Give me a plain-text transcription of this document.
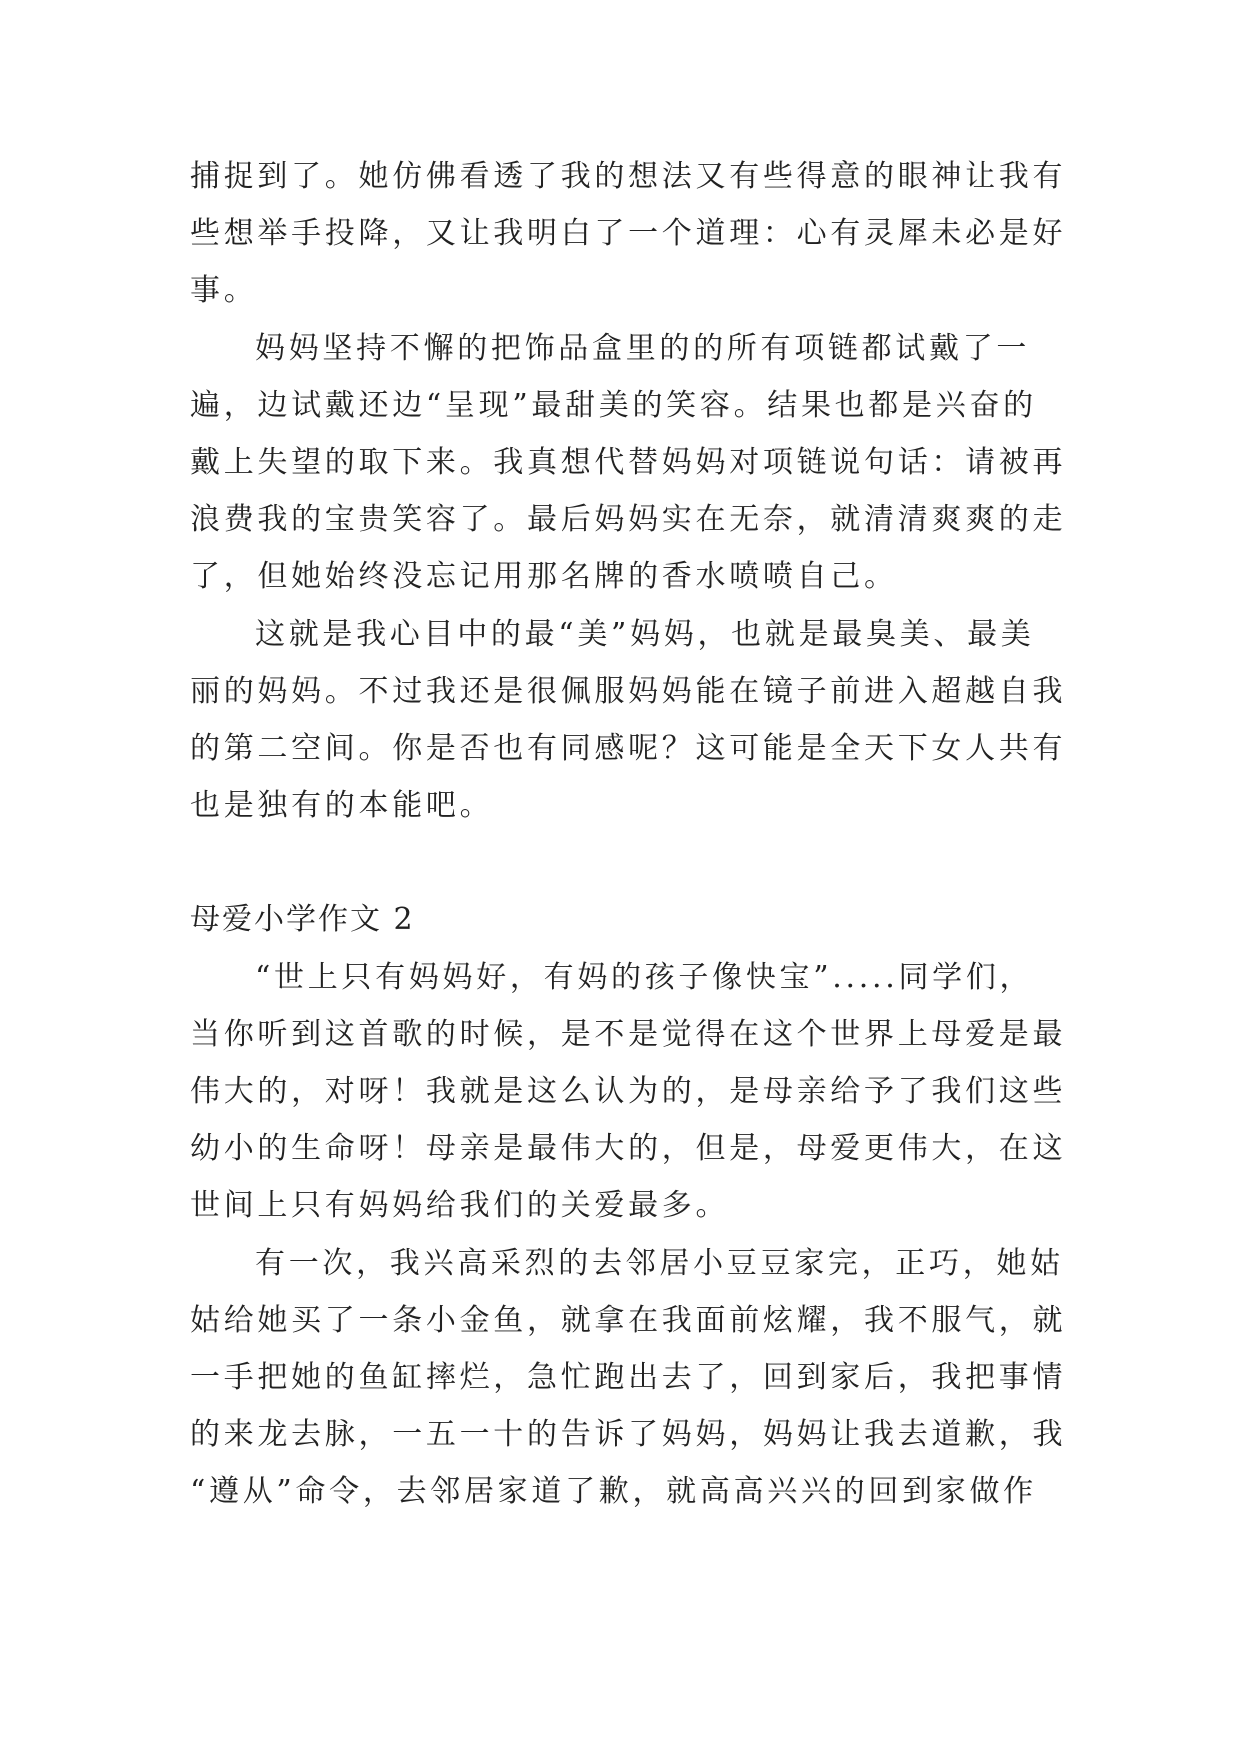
捕捉到了。她仿佛看透了我的想法又有些得意的眼神让我有
些想举手投降，又让我明白了一个道理：心有灵犀未必是好
事。
妈妈坚持不懈的把饰品盒里的的所有项链都试戴了一
遍，边试戴还边“呈现”最甜美的笑容。结果也都是兴奋的
戴上失望的取下来。我真想代替妈妈对项链说句话：请被再
浪费我的宝贵笑容了。最后妈妈实在无奈，就清清爽爽的走
了，但她始终没忘记用那名牌的香水喷喷自己。
这就是我心目中的最“美”妈妈，也就是最臭美、最美
丽的妈妈。不过我还是很佩服妈妈能在镜子前进入超越自我
的第二空间。你是否也有同感呢？这可能是全天下女人共有
也是独有的本能吧。
母爱小学作文 2
“世上只有妈妈好，有妈的孩子像快宝”.....同学们，
当你听到这首歌的时候，是不是觉得在这个世界上母爱是最
伟大的，对呀！我就是这么认为的，是母亲给予了我们这些
幼小的生命呀！母亲是最伟大的，但是，母爱更伟大，在这
世间上只有妈妈给我们的关爱最多。
有一次，我兴高采烈的去邻居小豆豆家完，正巧，她姑
姑给她买了一条小金鱼，就拿在我面前炫耀，我不服气，就
一手把她的鱼缸摔烂，急忙跑出去了，回到家后，我把事情
的来龙去脉，一五一十的告诉了妈妈，妈妈让我去道歉，我
“遵从”命令，去邻居家道了歉，就高高兴兴的回到家做作
